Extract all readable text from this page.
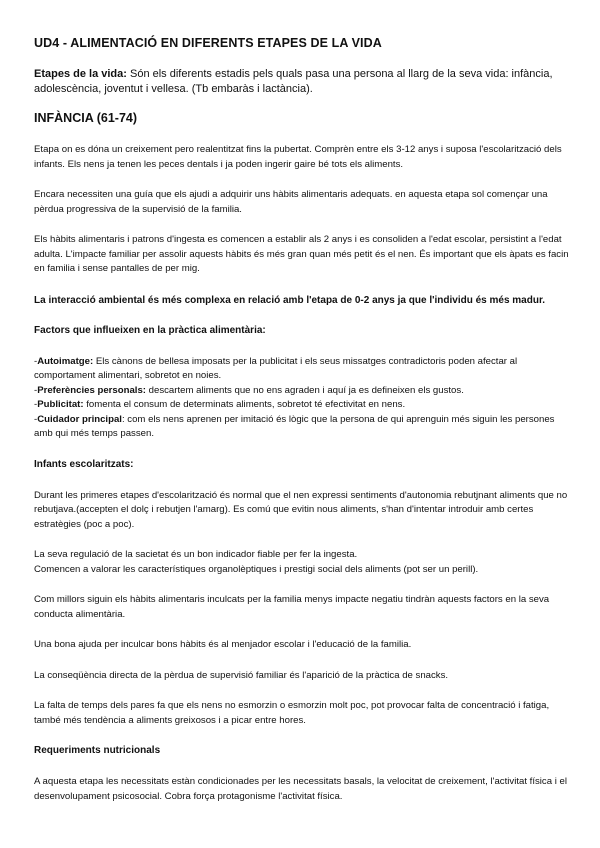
UD4 - ALIMENTACIÓ EN DIFERENTS ETAPES DE LA VIDA
Etapes de la vida: Són els diferents estadis pels quals pasa una persona al llarg de la seva vida: infància, adolescència, joventut i vellesa. (Tb embaràs i lactància).
INFÀNCIA (61-74)

Etapa on es dóna un creixement pero realentitzat fins la pubertat. Comprèn entre els 3-12 anys i suposa l'escolarització dels infants. Els nens ja tenen les peces dentals i ja poden ingerir gaire bé tots els aliments.

Encara necessiten una guía que els ajudi a adquirir uns hàbits alimentaris adequats. en aquesta etapa sol començar una pèrdua progressiva de la supervisió de la familia.

Els hàbits alimentaris i patrons d'ingesta es comencen a establir als 2 anys i es consoliden a l'edat escolar, persistint a l'edat adulta. L'impacte familiar per assolir aquests hàbits és més gran quan més petit és el nen. És important que els àpats es facin en familia i sense pantalles de per mig.

La interacció ambiental és més complexa en relació amb l'etapa de 0-2 anys ja que l'individu és més madur.
Factors que influeixen en la pràctica alimentària:
-Autoimatge: Els cànons de bellesa imposats per la publicitat i els seus missatges contradictoris poden afectar al comportament alimentari, sobretot en noies.
-Preferències personals: descartem aliments que no ens agraden i aquí ja es defineixen els gustos.
-Publicitat: fomenta el consum de determinats aliments, sobretot té efectivitat en nens.
-Cuidador principal: com els nens aprenen per imitació és lògic que la persona de qui aprenguin més siguin les persones amb qui més temps passen.
Infants escolaritzats:

Durant les primeres etapes d'escolarització és normal que el nen expressi sentiments d'autonomia rebutjnant aliments que no rebutjava.(accepten el dolç i rebutjen l'amarg). Es comú que evitin nous aliments, s'han d'intentar introduir amb certes estratègies (poc a poc).

La seva regulació de la sacietat és un bon indicador fiable per fer la ingesta.

Comencen a valorar les característiques organolèptiques i prestigi social dels aliments (pot ser un perill).

Com millors siguin els hàbits alimentaris inculcats per la familia menys impacte negatiu tindràn aquests factors en la seva conducta alimentària.

Una bona ajuda per inculcar bons hàbits és al menjador escolar i l'educació de la familia.

La conseqüència directa de la pèrdua de supervisió familiar és l'aparició de la pràctica de snacks.

La falta de temps dels pares fa que els nens no esmorzin o esmorzin molt poc, pot provocar falta de concentració i fatiga, també més tendència a aliments greixosos i a picar entre hores.

Requeriments nutricionals

A aquesta etapa les necessitats estàn condicionades per les necessitats basals, la velocitat de creixement, l'activitat física i el desenvolupament psicosocial. Cobra força protagonisme l'activitat física.
